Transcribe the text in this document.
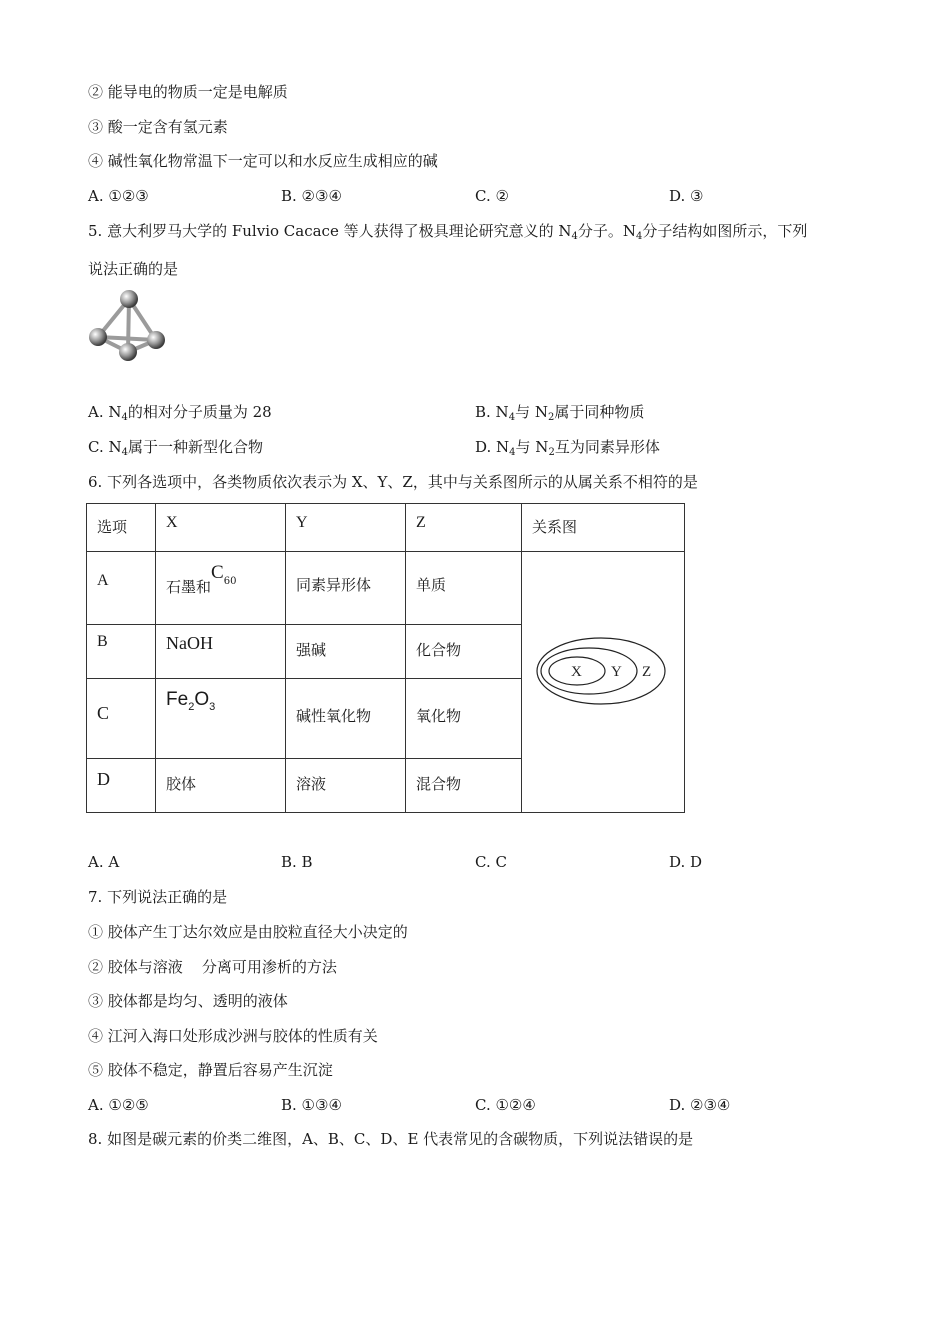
② 能导电的物质一定是电解质
③ 酸一定含有氢元素
④ 碱性氧化物常温下一定可以和水反应生成相应的碱
A. ①②③	B. ②③④	C. ②	D. ③
5. 意大利罗马大学的 Fulvio Cacace 等人获得了极具理论研究意义的 $N_4$分子。$N_4$分子结构如图所示，下列
说法正确的是
A. $N_4$的相对分子质量为 28	B. $N_4$与 $N_2$属于同种物质
C. $N_4$属于一种新型化合物	D. $N_4$与 $N_2$互为同素异形体
6. 下列各选项中，各类物质依次表示为 X、Y、Z，其中与关系图所示的从属关系不相符的是
选项	X	Y	Z	关系图

A	石墨和$C_{60}$	同素异形体	单质	X Y Z

B	NaOH	强碱	化合物	

C	$Fe_2O_3$	碱性氧化物	氧化物	

D	胶体	溶液	混合物	
A. A	B. B	C. C	D. D
7. 下列说法正确的是
① 胶体产生丁达尔效应是由胶粒直径大小决定的
② 胶体与溶液    分离可用渗析的方法
③ 胶体都是均匀、透明的液体
④ 江河入海口处形成沙洲与胶体的性质有关
⑤ 胶体不稳定，静置后容易产生沉淀
A. ①②⑤	B. ①③④	C. ①②④	D. ②③④
8. 如图是碳元素的价类二维图，A、B、C、D、E 代表常见的含碳物质，下列说法错误的是
